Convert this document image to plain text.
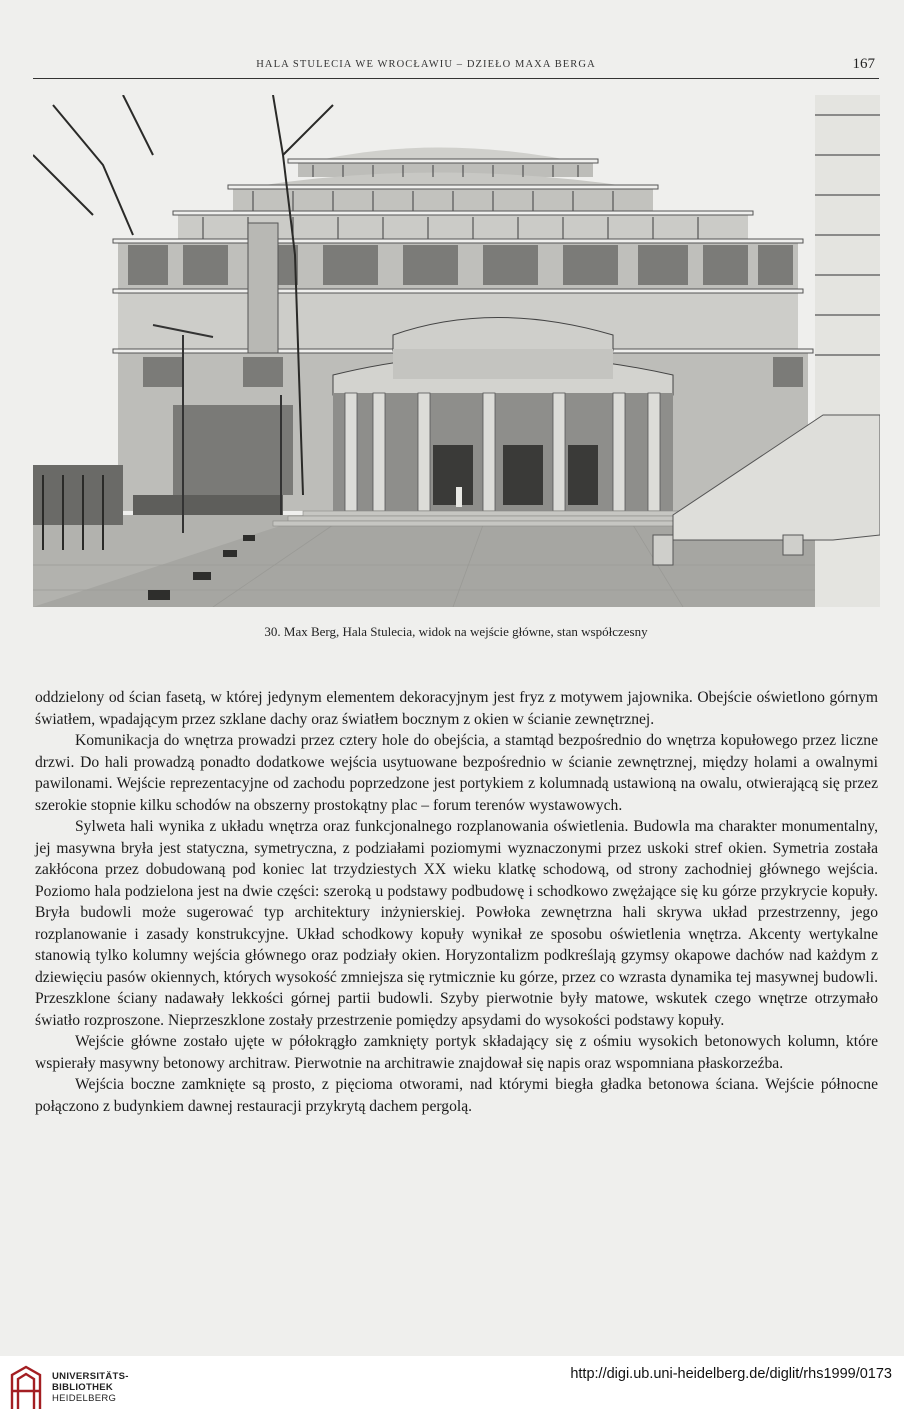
HALA STULECIA WE WROCŁAWIU – DZIEŁO MAXA BERGA	167
30. Max Berg, Hala Stulecia, widok na wejście główne, stan współczesny

oddzielony od ścian fasetą, w której jedynym elementem dekoracyjnym jest fryz z motywem jajownika. Obejście oświetlono górnym światłem, wpadającym przez szklane dachy oraz światłem bocznym z okien w ścianie zewnętrznej.

Komunikacja do wnętrza prowadzi przez cztery hole do obejścia, a stamtąd bezpośrednio do wnętrza kopułowego przez liczne drzwi. Do hali prowadzą ponadto dodatkowe wejścia usytuowane bezpośrednio w ścianie zewnętrznej, między holami a owalnymi pawilonami. Wejście reprezentacyjne od zachodu poprzedzone jest portykiem z kolumnadą ustawioną na owalu, otwierającą się przez szerokie stopnie kilku schodów na obszerny prostokątny plac – forum terenów wystawowych.

Sylweta hali wynika z układu wnętrza oraz funkcjonalnego rozplanowania oświetlenia. Budowla ma charakter monumentalny, jej masywna bryła jest statyczna, symetryczna, z podziałami poziomymi wyznaczonymi przez uskoki stref okien. Symetria została zakłócona przez dobudowaną pod koniec lat trzydziestych XX wieku klatkę schodową, od strony zachodniej głównego wejścia. Poziomo hala podzielona jest na dwie części: szeroką u podstawy podbudowę i schodkowo zwężające się ku górze przykrycie kopuły. Bryła budowli może sugerować typ architektury inżynierskiej. Powłoka zewnętrzna hali skrywa układ przestrzenny, jego rozplanowanie i zasady konstrukcyjne. Układ schodkowy kopuły wynikał ze sposobu oświetlenia wnętrza. Akcenty wertykalne stanowią tylko kolumny wejścia głównego oraz podziały okien. Horyzontalizm podkreślają gzymsy okapowe dachów nad każdym z dziewięciu pasów okiennych, których wysokość zmniejsza się rytmicznie ku górze, przez co wzrasta dynamika tej masywnej budowli. Przeszklone ściany nadawały lekkości górnej partii budowli. Szyby pierwotnie były matowe, wskutek czego wnętrze otrzymało światło rozproszone. Nieprzeszklone zostały przestrzenie pomiędzy apsydami do wysokości podstawy kopuły.

Wejście główne zostało ujęte w półokrągło zamknięty portyk składający się z ośmiu wysokich betonowych kolumn, które wspierały masywny betonowy architraw. Pierwotnie na architrawie znajdował się napis oraz wspomniana płaskorzeźba.

Wejścia boczne zamknięte są prosto, z pięcioma otworami, nad którymi biegła gładka betonowa ściana. Wejście północne połączono z budynkiem dawnej restauracji przykrytą dachem pergolą.

UNIVERSITÄTS-
BIBLIOTHEK
HEIDELBERG
http://digi.ub.uni-heidelberg.de/diglit/rhs1999/0173
